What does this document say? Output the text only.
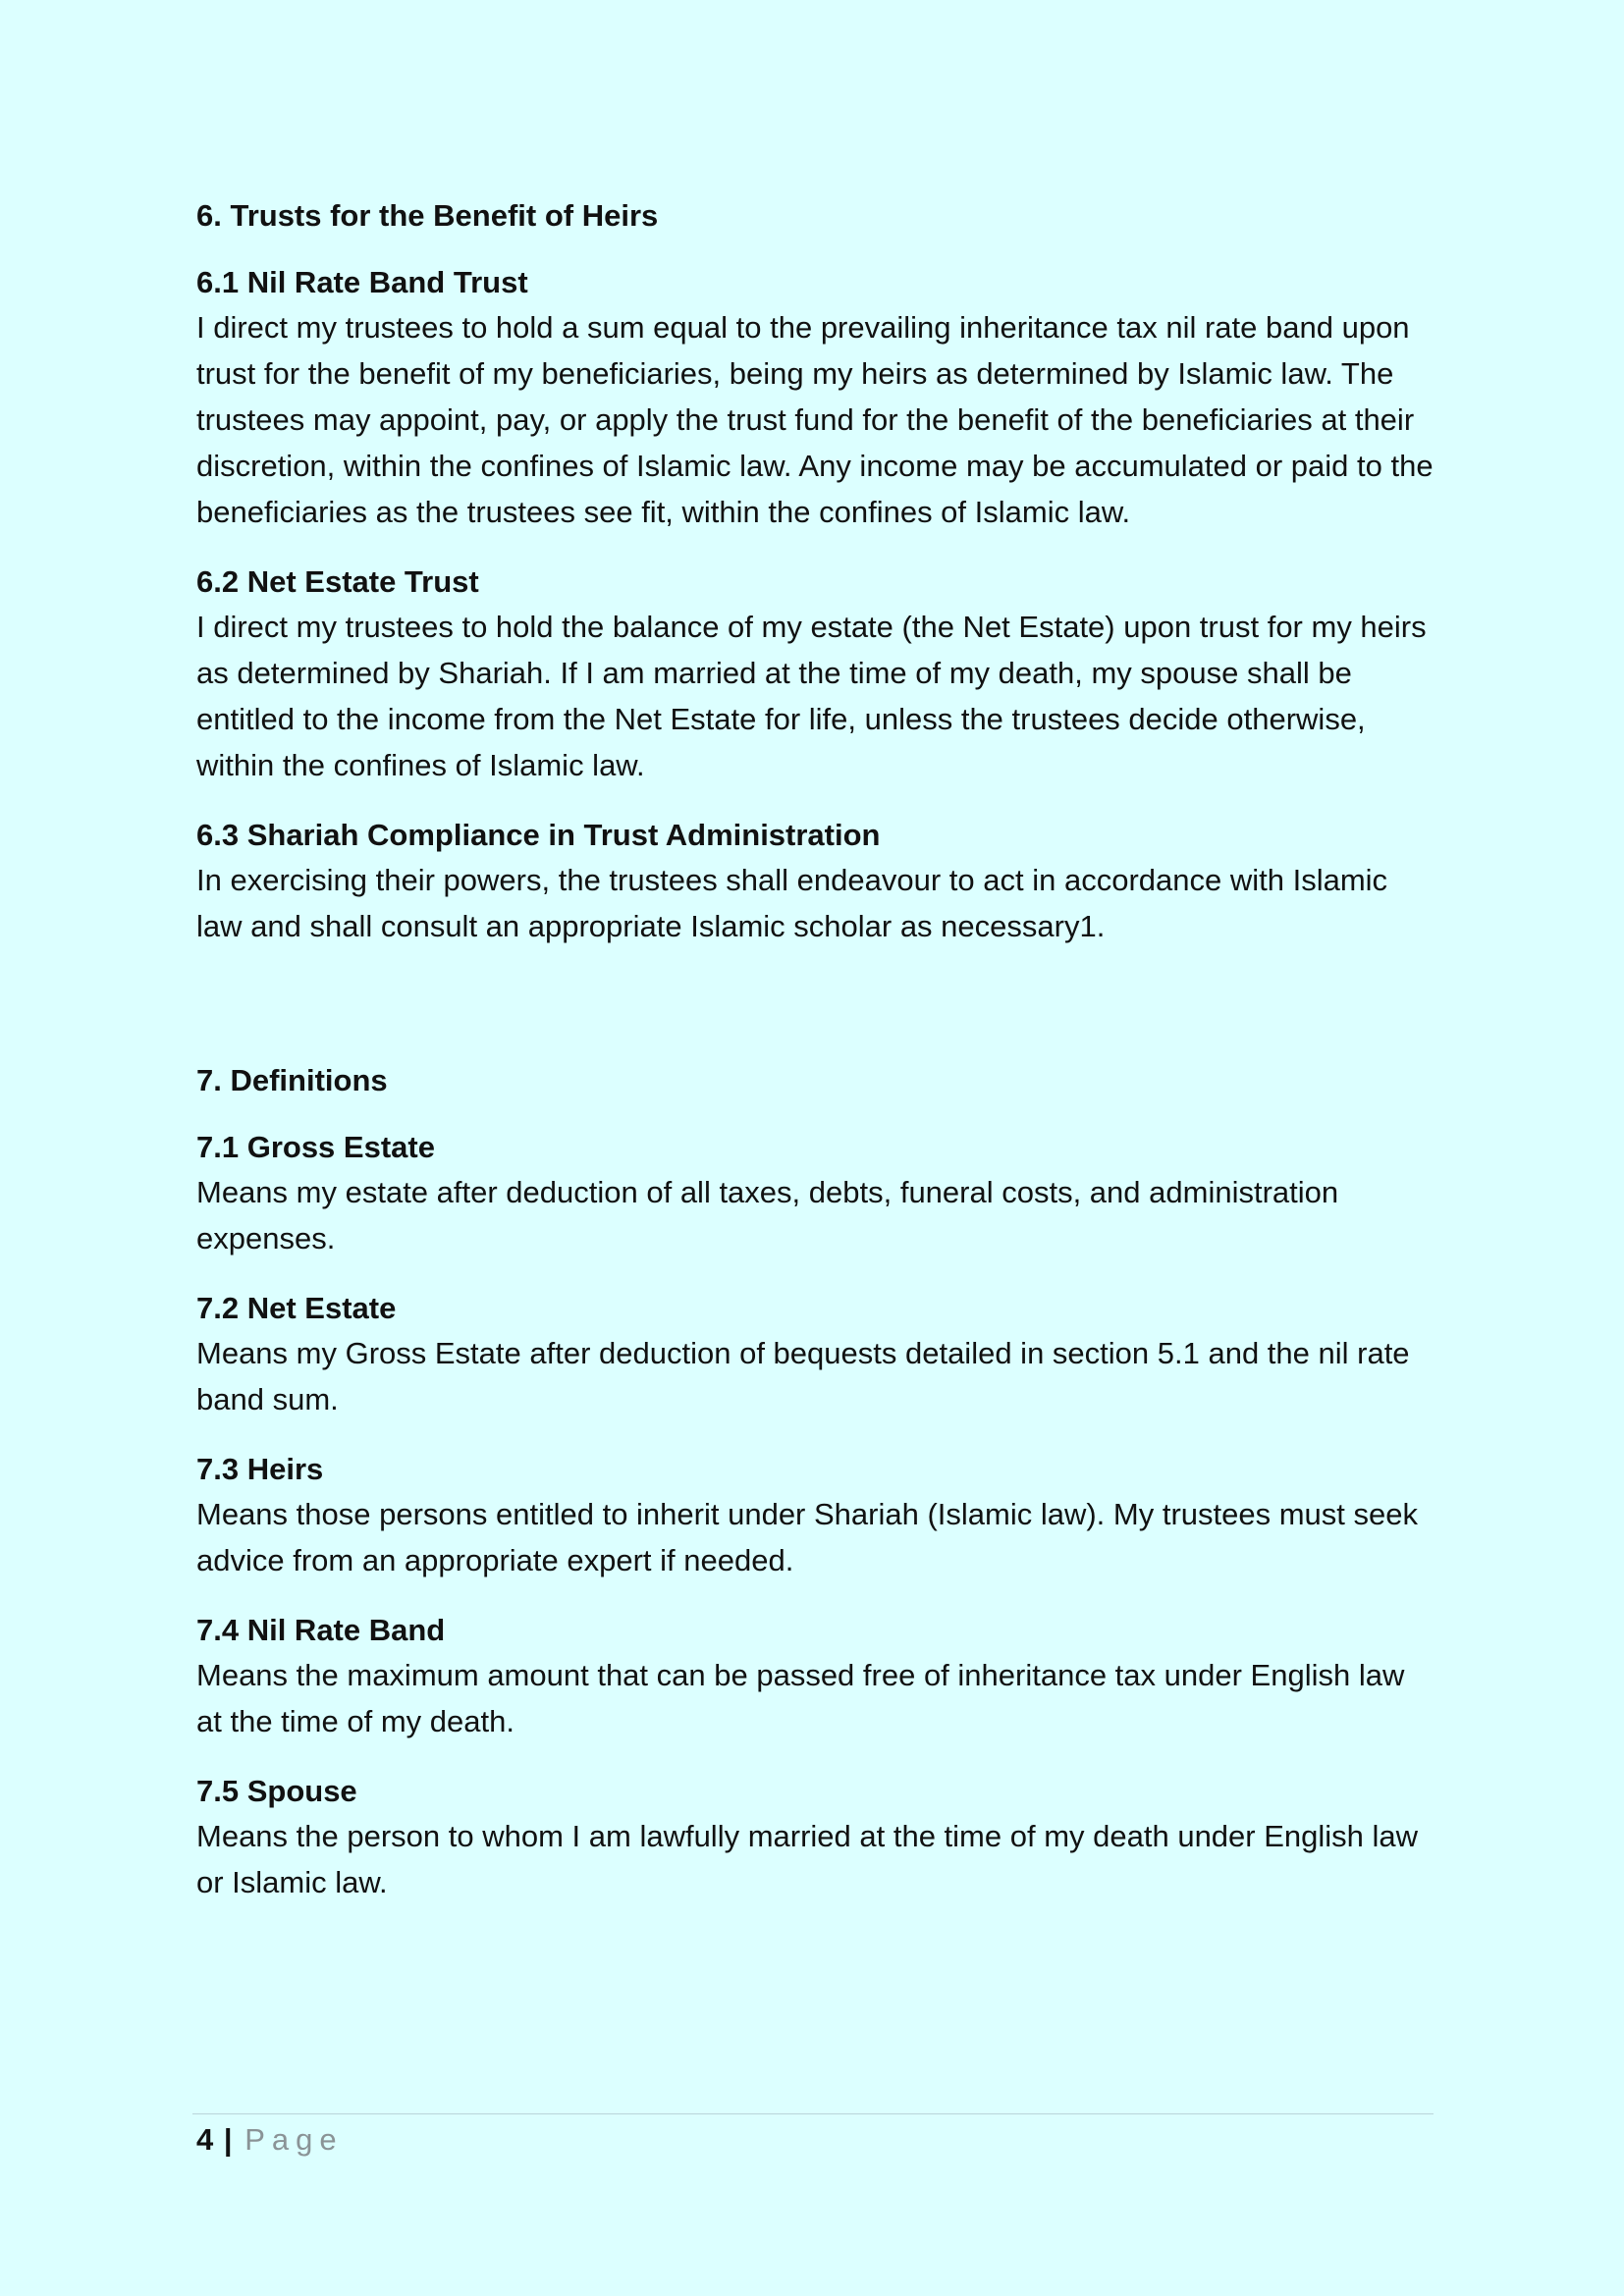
6. Trusts for the Benefit of Heirs

6.1 Nil Rate Band Trust

I direct my trustees to hold a sum equal to the prevailing inheritance tax nil rate band upon trust for the benefit of my beneficiaries, being my heirs as determined by Islamic law. The trustees may appoint, pay, or apply the trust fund for the benefit of the beneficiaries at their discretion, within the confines of Islamic law. Any income may be accumulated or paid to the beneficiaries as the trustees see fit, within the confines of Islamic law.

6.2 Net Estate Trust

I direct my trustees to hold the balance of my estate (the Net Estate) upon trust for my heirs as determined by Shariah. If I am married at the time of my death, my spouse shall be entitled to the income from the Net Estate for life, unless the trustees decide otherwise, within the confines of Islamic law.

6.3 Shariah Compliance in Trust Administration

In exercising their powers, the trustees shall endeavour to act in accordance with Islamic law and shall consult an appropriate Islamic scholar as necessary1.

7. Definitions

7.1 Gross Estate

Means my estate after deduction of all taxes, debts, funeral costs, and administration expenses.

7.2 Net Estate

Means my Gross Estate after deduction of bequests detailed in section 5.1 and the nil rate band sum.

7.3 Heirs

Means those persons entitled to inherit under Shariah (Islamic law). My trustees must seek advice from an appropriate expert if needed.

7.4 Nil Rate Band

Means the maximum amount that can be passed free of inheritance tax under English law at the time of my death.

7.5 Spouse

Means the person to whom I am lawfully married at the time of my death under English law or Islamic law.

4 | Page
